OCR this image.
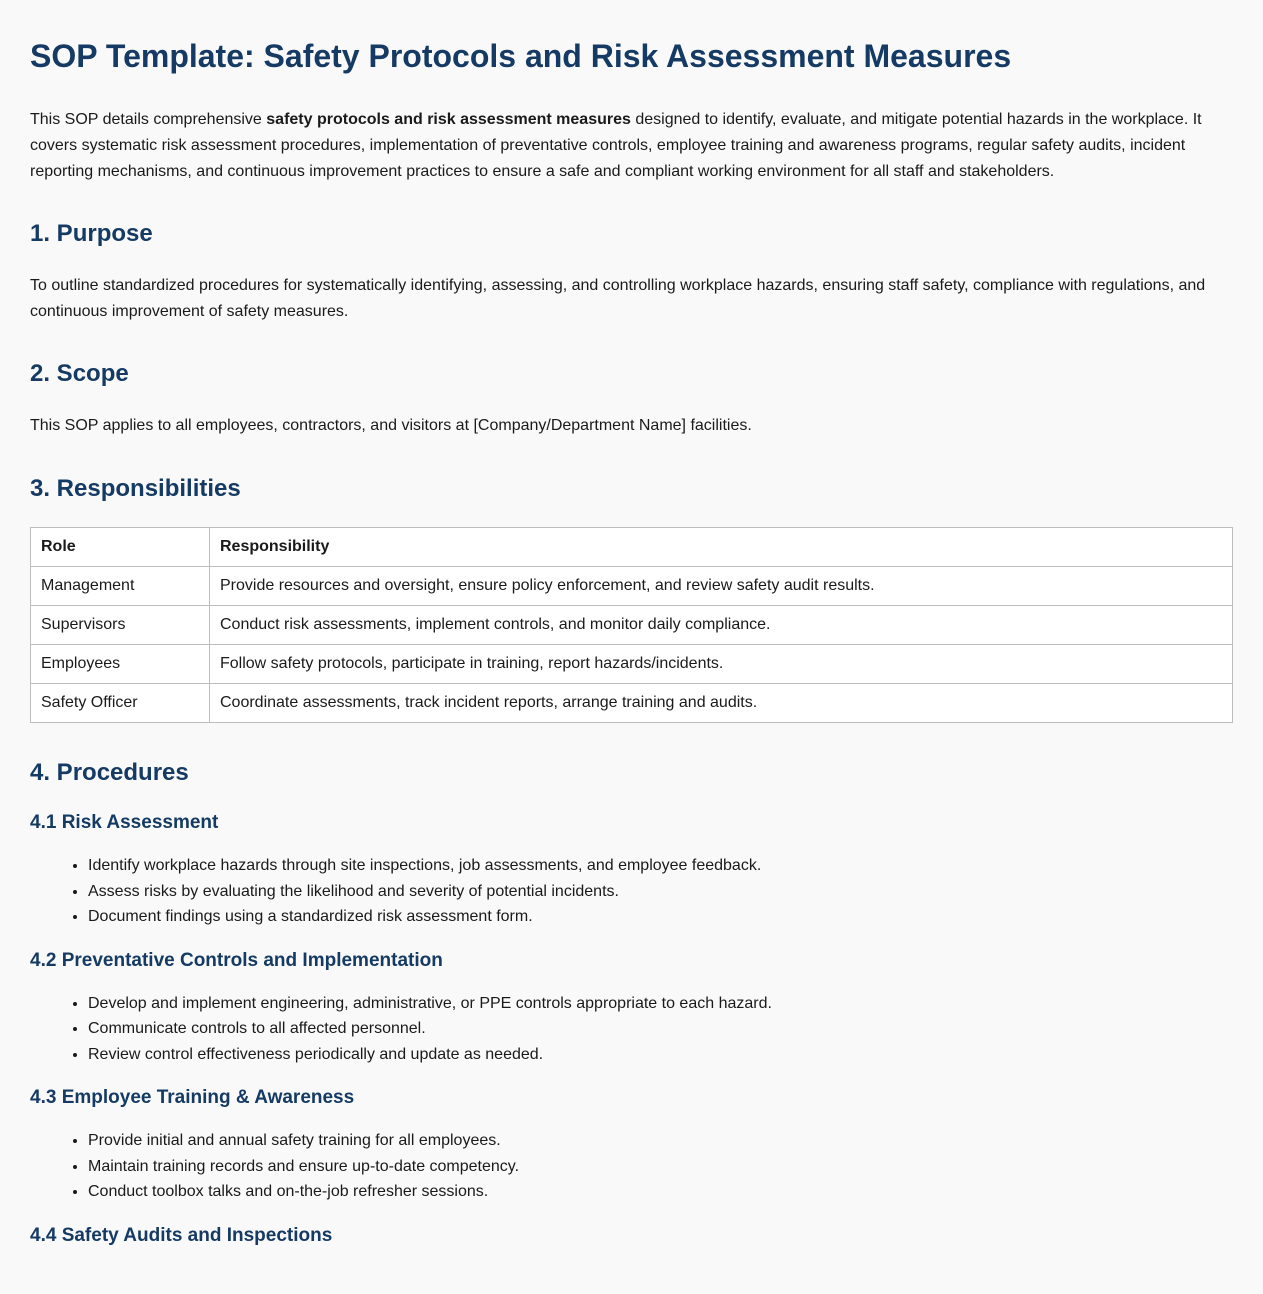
SOP Template: Safety Protocols and Risk Assessment Measures

This SOP details comprehensive safety protocols and risk assessment measures designed to identify, evaluate, and mitigate potential hazards in the workplace. It covers systematic risk assessment procedures, implementation of preventative controls, employee training and awareness programs, regular safety audits, incident reporting mechanisms, and continuous improvement practices to ensure a safe and compliant working environment for all staff and stakeholders.

1. Purpose

To outline standardized procedures for systematically identifying, assessing, and controlling workplace hazards, ensuring staff safety, compliance with regulations, and continuous improvement of safety measures.

2. Scope

This SOP applies to all employees, contractors, and visitors at [Company/Department Name] facilities.

3. Responsibilities
Role	Responsibility
Management	Provide resources and oversight, ensure policy enforcement, and review safety audit results.
Supervisors	Conduct risk assessments, implement controls, and monitor daily compliance.
Employees	Follow safety protocols, participate in training, report hazards/incidents.
Safety Officer	Coordinate assessments, track incident reports, arrange training and audits.
4. Procedures
4.1 Risk Assessment
• Identify workplace hazards through site inspections, job assessments, and employee feedback.
• Assess risks by evaluating the likelihood and severity of potential incidents.
• Document findings using a standardized risk assessment form.
4.2 Preventative Controls and Implementation
• Develop and implement engineering, administrative, or PPE controls appropriate to each hazard.
• Communicate controls to all affected personnel.
• Review control effectiveness periodically and update as needed.
4.3 Employee Training & Awareness
• Provide initial and annual safety training for all employees.
• Maintain training records and ensure up-to-date competency.
• Conduct toolbox talks and on-the-job refresher sessions.
4.4 Safety Audits and Inspections
